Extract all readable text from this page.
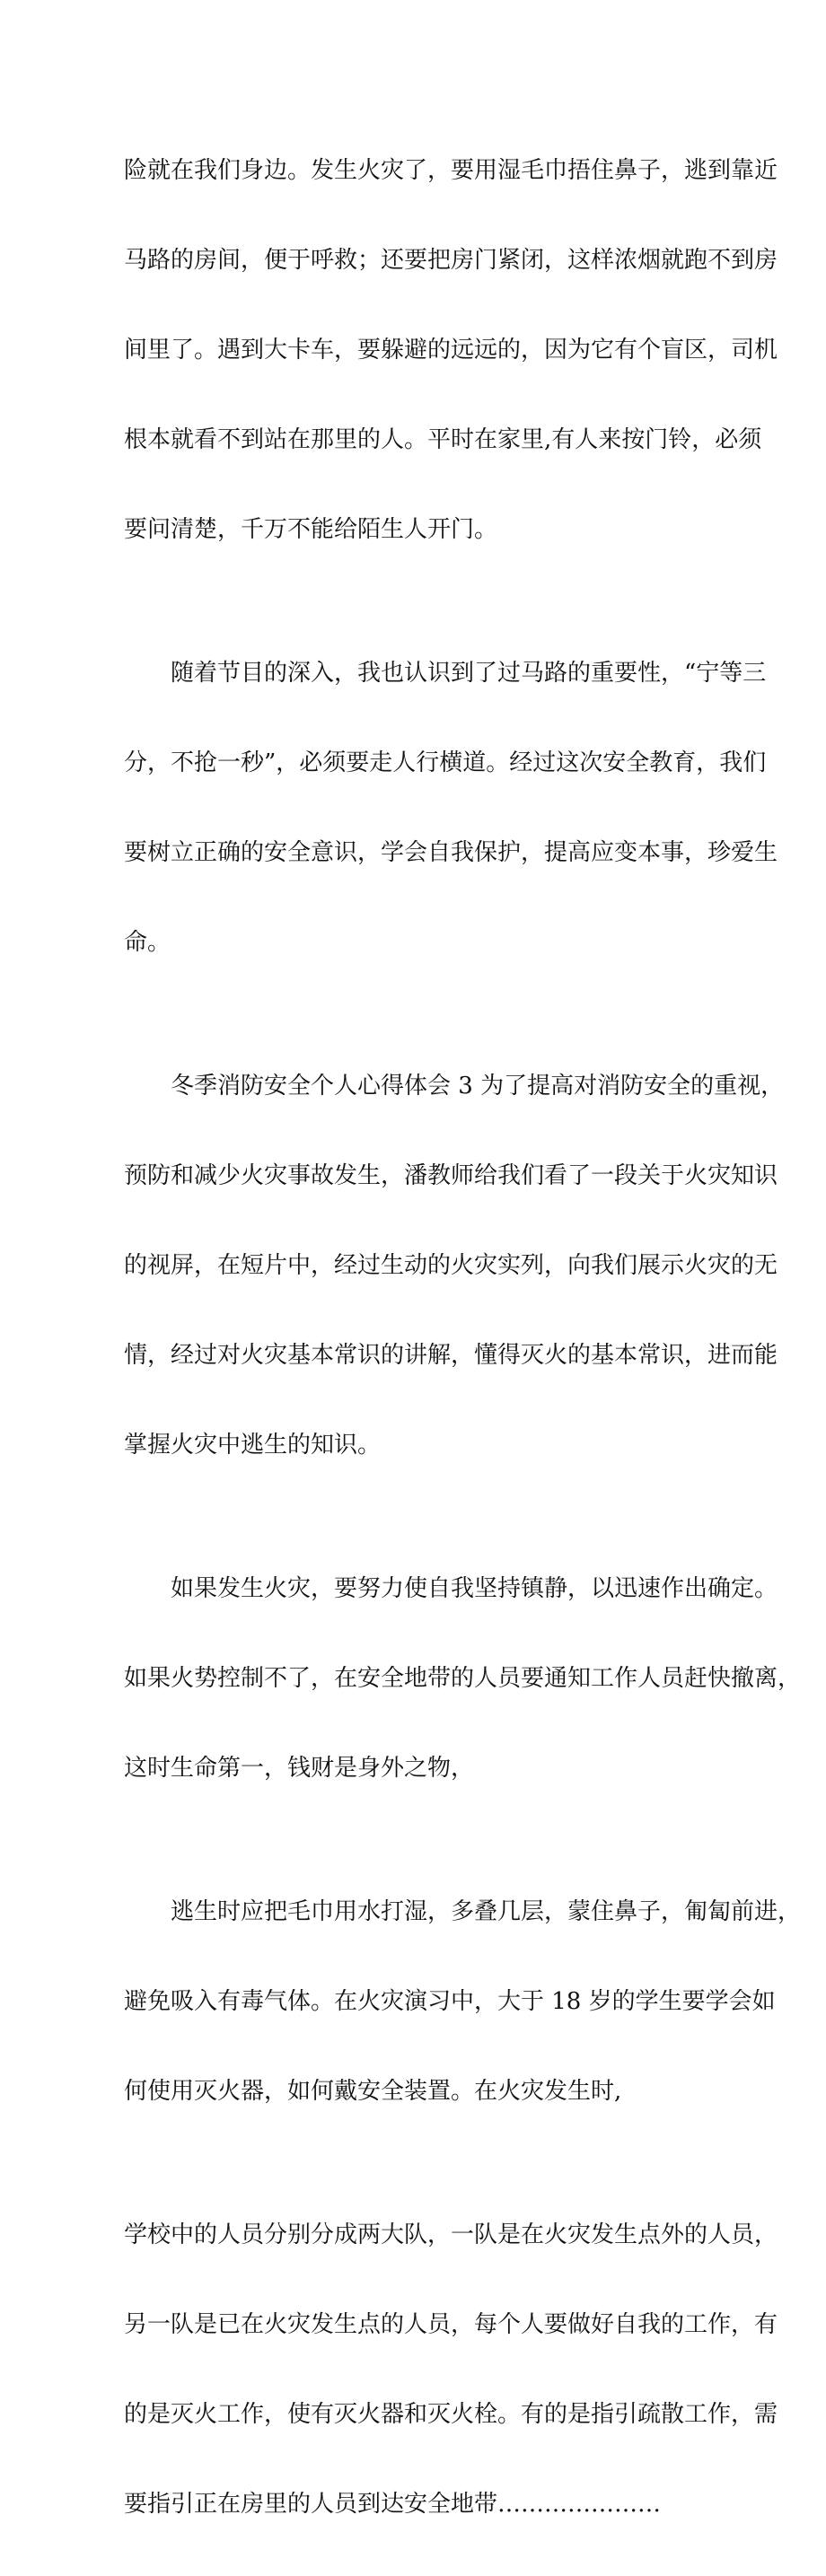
险就在我们身边。发生火灾了，要用湿毛巾捂住鼻子，逃到靠近

马路的房间，便于呼救；还要把房门紧闭，这样浓烟就跑不到房

间里了。遇到大卡车，要躲避的远远的，因为它有个盲区，司机

根本就看不到站在那里的人。平时在家里,有人来按门铃，必须

要问清楚，千万不能给陌生人开门。

　　随着节目的深入，我也认识到了过马路的重要性，“宁等三

分，不抢一秒”，必须要走人行横道。经过这次安全教育，我们

要树立正确的安全意识，学会自我保护，提高应变本事，珍爱生

命。

　　冬季消防安全个人心得体会 3 为了提高对消防安全的重视，

预防和减少火灾事故发生，潘教师给我们看了一段关于火灾知识

的视屏，在短片中，经过生动的火灾实列，向我们展示火灾的无

情，经过对火灾基本常识的讲解，懂得灭火的基本常识，进而能

掌握火灾中逃生的知识。

　　如果发生火灾，要努力使自我坚持镇静，以迅速作出确定。

如果火势控制不了，在安全地带的人员要通知工作人员赶快撤离，

这时生命第一，钱财是身外之物，

　　逃生时应把毛巾用水打湿，多叠几层，蒙住鼻子，匍匐前进，

避免吸入有毒气体。在火灾演习中，大于 18 岁的学生要学会如

何使用灭火器，如何戴安全装置。在火灾发生时,

学校中的人员分别分成两大队，一队是在火灾发生点外的人员，

另一队是已在火灾发生点的人员，每个人要做好自我的工作，有

的是灭火工作，使有灭火器和灭火栓。有的是指引疏散工作，需

要指引正在房里的人员到达安全地带…………………
